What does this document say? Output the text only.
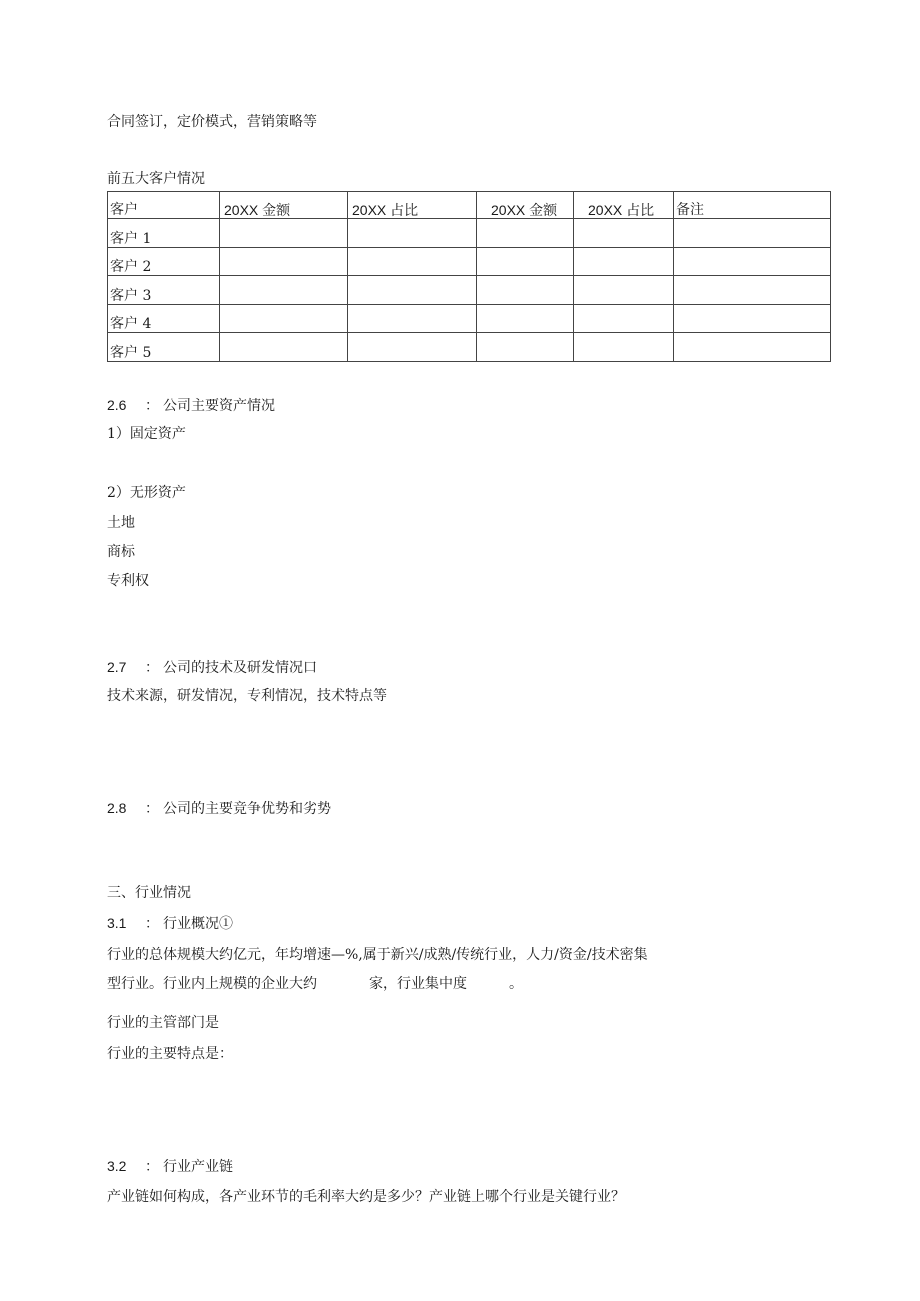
合同签订，定价模式，营销策略等
前五大客户情况
客户	20XX 金额	20XX 占比	20XX 金额	20XX 占比	备注
客户 1					
客户 2					
客户 3					
客户 4					
客户 5					
2.6 ： 公司主要资产情况
1）固定资产
2）无形资产
土地
商标
专利权
2.7 ： 公司的技术及研发情况口
技术来源，研发情况，专利情况，技术特点等
2.8 ： 公司的主要竞争优势和劣势
三、行业情况
3.1 ： 行业概况①
行业的总体规模大约亿元，年均增速—%,属于新兴/成熟/传统行业，人力/资金/技术密集
型行业。行业内上规模的企业大约	家，行业集中度	。
行业的主管部门是
行业的主要特点是：
3.2 ： 行业产业链
产业链如何构成，各产业环节的毛利率大约是多少？产业链上哪个行业是关键行业？
